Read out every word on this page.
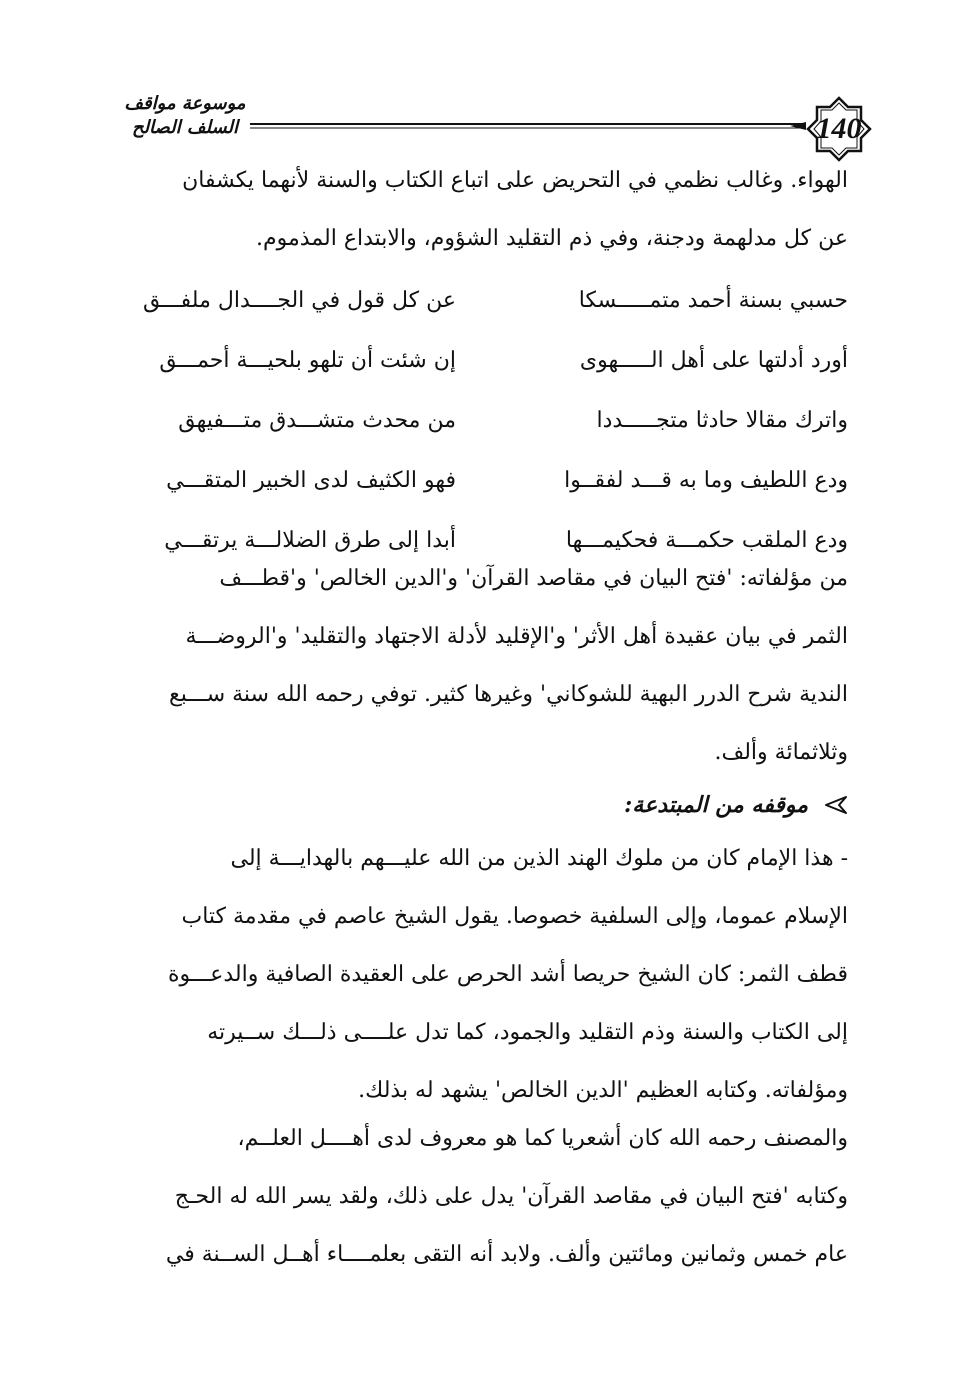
140
موسوعة مواقف السلف الصالح

الهواء. وغالب نظمي في التحريض على اتباع الكتاب والسنة لأنهما يكشفان

عن كل مدلهمة ودجنة، وفي ذم التقليد الشؤوم، والابتداع المذموم.

حسبي بسنة أحمد متمـــــسكا
عن كل قول في الجــــدال ملفـــق
أورد أدلتها على أهل الـــــهوى
إن شئت أن تلهو بلحيـــة أحمـــق
واترك مقالا حادثا متجـــــددا
من محدث متشـــدق متـــفيهق
ودع اللطيف وما به قـــد لفقــوا
فهو الكثيف لدى الخبير المتقـــي
ودع الملقب حكمـــة فحكيمـــها
أبدا إلى طرق الضلالـــة يرتقـــي

من مؤلفاته: 'فتح البيان في مقاصد القرآن' و'الدين الخالص' و'قطـــف

الثمر في بيان عقيدة أهل الأثر' و'الإقليد لأدلة الاجتهاد والتقليد' و'الروضـــة

الندية شرح الدرر البهية للشوكاني' وغيرها كثير. توفي رحمه الله سنة ســـبع

وثلاثمائة وألف.

موقفه من المبتدعة:

- هذا الإمام كان من ملوك الهند الذين من الله عليـــهم بالهدايـــة إلى

الإسلام عموما، وإلى السلفية خصوصا. يقول الشيخ عاصم في مقدمة كتاب

قطف الثمر: كان الشيخ حريصا أشد الحرص على العقيدة الصافية والدعـــوة

إلى الكتاب والسنة وذم التقليد والجمود، كما تدل علــــى ذلـــك ســيرته

ومؤلفاته. وكتابه العظيم 'الدين الخالص' يشهد له بذلك.

والمصنف رحمه الله كان أشعريا كما هو معروف لدى أهــــل العلــم،

وكتابه 'فتح البيان في مقاصد القرآن' يدل على ذلك، ولقد يسر الله له الحـج

عام خمس وثمانين ومائتين وألف. ولابد أنه التقى بعلمــــاء أهــل الســنة في
